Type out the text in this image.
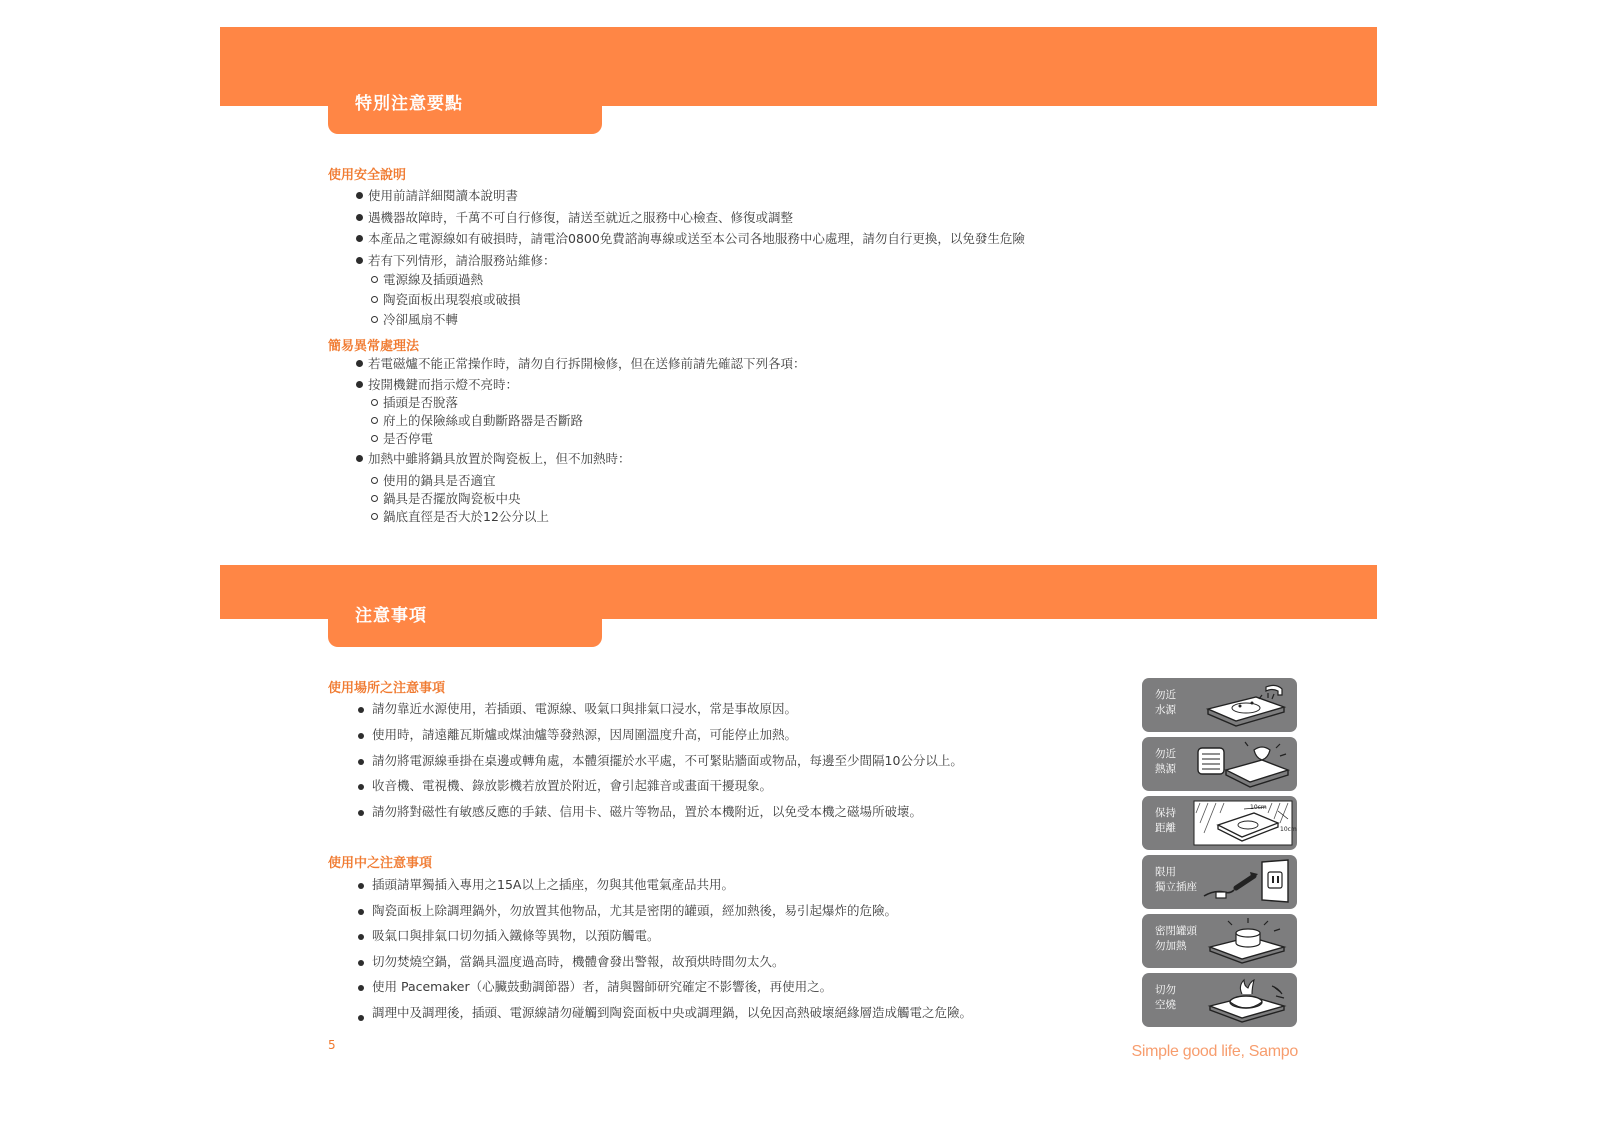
特別注意要點
使用安全說明
使用前請詳細閱讀本說明書
遇機器故障時，千萬不可自行修復，請送至就近之服務中心檢查、修復或調整
本產品之電源線如有破損時，請電洽0800免費諮詢專線或送至本公司各地服務中心處理，請勿自行更換，以免發生危險
若有下列情形，請洽服務站維修：
電源線及插頭過熱
陶瓷面板出現裂痕或破損
冷卻風扇不轉
簡易異常處理法
若電磁爐不能正常操作時，請勿自行拆開檢修，但在送修前請先確認下列各項：
按開機鍵而指示燈不亮時：
插頭是否脫落
府上的保險絲或自動斷路器是否斷路
是否停電
加熱中雖將鍋具放置於陶瓷板上，但不加熱時：
使用的鍋具是否適宜
鍋具是否擺放陶瓷板中央
鍋底直徑是否大於12公分以上
注意事項
使用場所之注意事項
請勿靠近水源使用，若插頭、電源線、吸氣口與排氣口浸水，常是事故原因。
使用時，請遠離瓦斯爐或煤油爐等發熱源，因周圍溫度升高，可能停止加熱。
請勿將電源線垂掛在桌邊或轉角處，本體須擺於水平處，不可緊貼牆面或物品，每邊至少間隔10公分以上。
收音機、電視機、錄放影機若放置於附近，會引起雜音或畫面干擾現象。
請勿將對磁性有敏感反應的手錶、信用卡、磁片等物品，置於本機附近，以免受本機之磁場所破壞。
使用中之注意事項
插頭請單獨插入專用之15A以上之插座，勿與其他電氣產品共用。
陶瓷面板上除調理鍋外，勿放置其他物品，尤其是密閉的罐頭，經加熱後，易引起爆炸的危險。
吸氣口與排氣口切勿插入鐵條等異物，以預防觸電。
切勿焚燒空鍋，當鍋具溫度過高時，機體會發出警報，故預烘時間勿太久。
使用 Pacemaker（心臟鼓動調節器）者，請與醫師研究確定不影響後，再使用之。
調理中及調理後，插頭、電源線請勿碰觸到陶瓷面板中央或調理鍋，以免因高熱破壞絕緣層造成觸電之危險。
勿近
水源
勿近
熱源
保持
距離
10cm
10cm
限用
獨立插座
密閉罐頭
勿加熱
切勿
空燒
5	Simple good life, Sampo
